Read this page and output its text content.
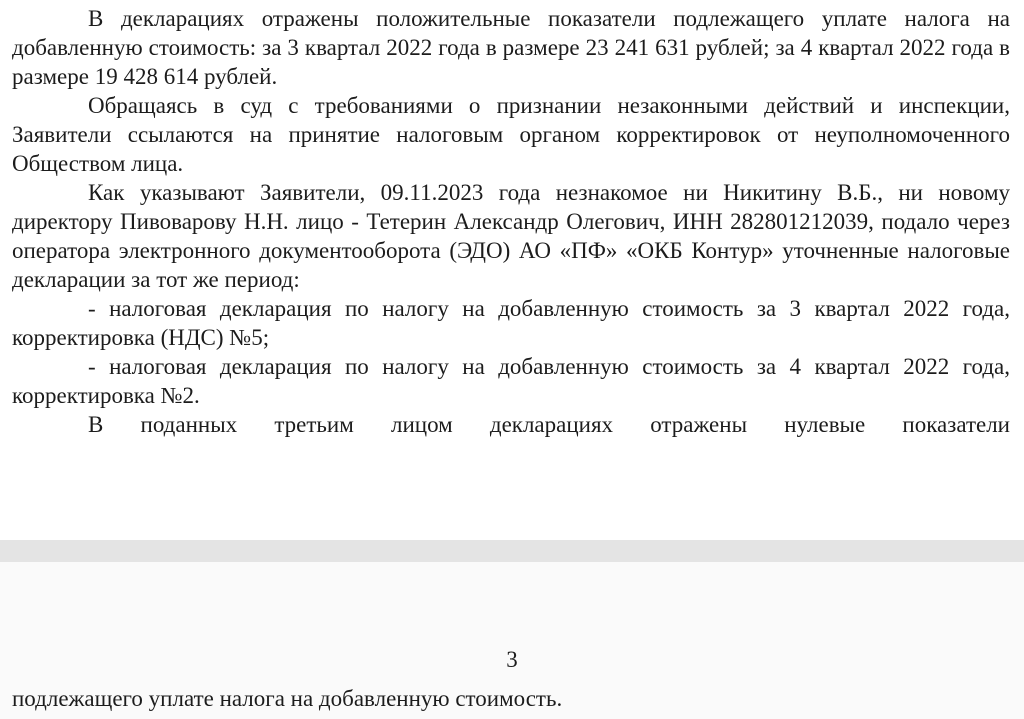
В декларациях отражены положительные показатели подлежащего уплате налога на добавленную стоимость: за 3 квартал 2022 года в размере 23 241 631 рублей; за 4 квартал 2022 года в размере 19 428 614 рублей.

Обращаясь в суд с требованиями о признании незаконными действий и инспекции, Заявители ссылаются на принятие налоговым органом корректировок от неуполномоченного Обществом лица.

Как указывают Заявители, 09.11.2023 года незнакомое ни Никитину В.Б., ни новому директору Пивоварову Н.Н. лицо - Тетерин Александр Олегович, ИНН 282801212039, подало через оператора электронного документооборота (ЭДО) АО «ПФ» «ОКБ Контур» уточненные налоговые декларации за тот же период:

- налоговая декларация по налогу на добавленную стоимость за 3 квартал 2022 года, корректировка (НДС) №5;

- налоговая декларация по налогу на добавленную стоимость за 4 квартал 2022 года, корректировка №2.

В поданных третьим лицом декларациях отражены нулевые показатели

3
подлежащего уплате налога на добавленную стоимость.
